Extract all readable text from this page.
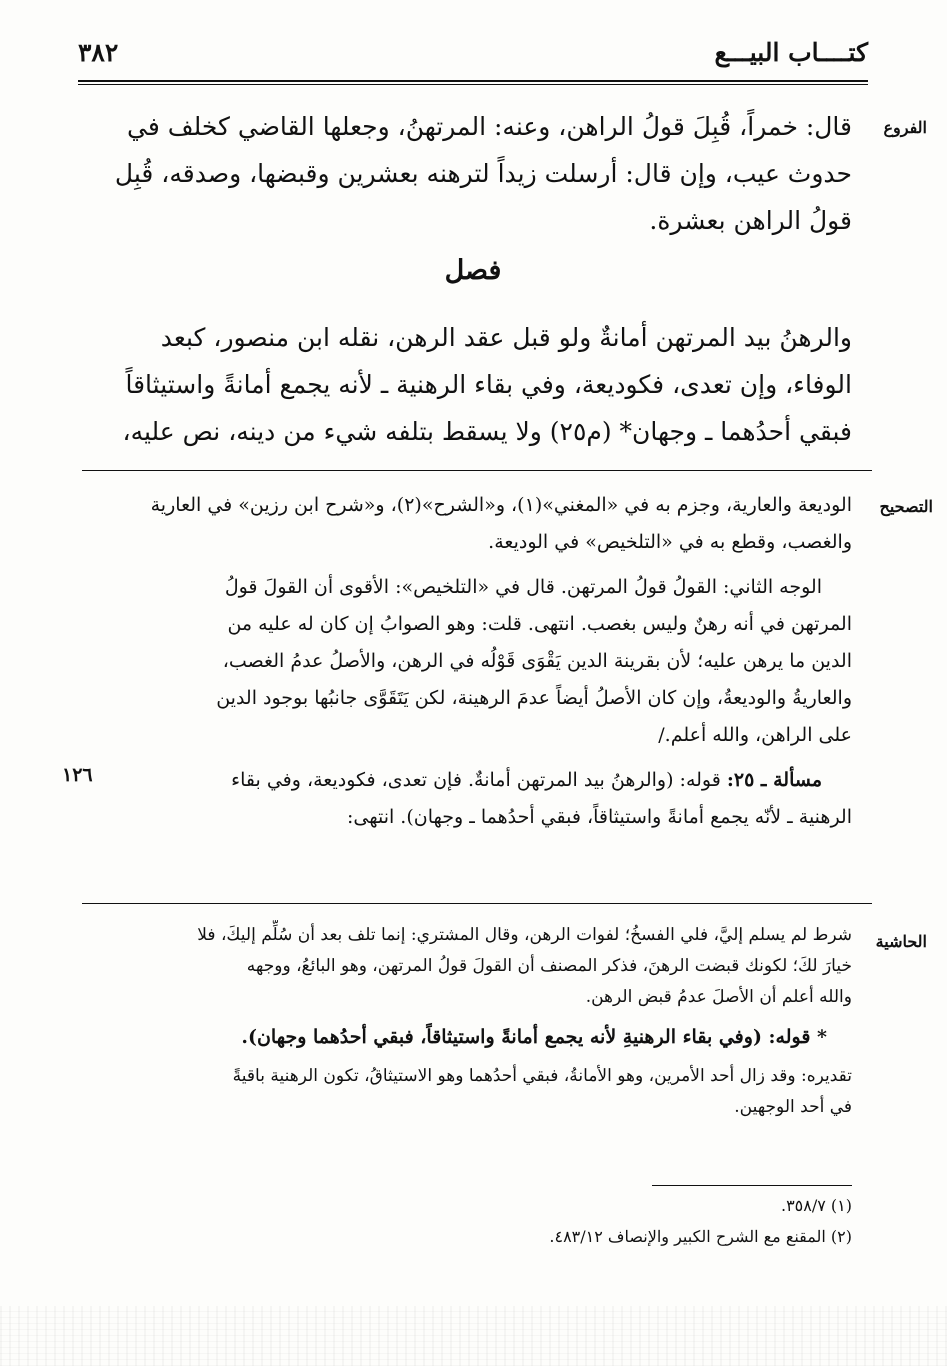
كتــــاب البيـــع
٣٨٢
الفروع
قال: خمراً، قُبِلَ قولُ الراهن، وعنه: المرتهنُ، وجعلها القاضي كخلف في
حدوث عيب، وإن قال: أرسلت زيداً لترهنه بعشرين وقبضها، وصدقه، قُبِل
قولُ الراهن بعشرة.
فصل
والرهنُ بيد المرتهن أمانةٌ ولو قبل عقد الرهن، نقله ابن منصور، كبعد
الوفاء، وإن تعدى، فكوديعة، وفي بقاء الرهنية ـ لأنه يجمع أمانةً واستيثاقاً
فبقي أحدُهما ـ وجهان* (م٢٥) ولا يسقط بتلفه شيء من دينه، نص عليه،
التصحيح
الوديعة والعارية، وجزم به في «المغني»(١)، و«الشرح»(٢)، و«شرح ابن رزين» في العارية
والغصب، وقطع به في «التلخيص» في الوديعة.
الوجه الثاني: القولُ قولُ المرتهن. قال في «التلخيص»: الأقوى أن القولَ قولُ
المرتهن في أنه رهنٌ وليس بغصب. انتهى. قلت: وهو الصوابُ إن كان له عليه من
الدين ما يرهن عليه؛ لأن بقرينة الدين يَقْوَى قَوْلُه في الرهن، والأصلُ عدمُ الغصب،
والعاريةُ والوديعةُ، وإن كان الأصلُ أيضاً عدمَ الرهينة، لكن يَتَقَوَّى جانبُها بوجود الدين
على الراهن، والله أعلم./
مسألة ـ ٢٥: قوله: (والرهنُ بيد المرتهن أمانةٌ. فإن تعدى، فكوديعة، وفي بقاء
الرهنية ـ لأنّه يجمع أمانةً واستيثاقاً، فبقي أحدُهما ـ وجهان). انتهى:
١٢٦
الحاشية
شرط لم يسلم إليَّ، فلي الفسخُ؛ لفوات الرهن، وقال المشتري: إنما تلف بعد أن سُلِّم إليكَ، فلا
خيارَ لكَ؛ لكونك قبضت الرهنَ، فذكر المصنف أن القولَ قولُ المرتهن، وهو البائعُ، ووجهه
والله أعلم أن الأصلَ عدمُ قبض الرهن.
* قوله: (وفي بقاء الرهنيةِ لأنه يجمع أمانةً واستيثاقاً، فبقي أحدُهما وجهان).
تقديره: وقد زال أحد الأمرين، وهو الأمانةُ، فبقي أحدُهما وهو الاستيثاقُ، تكون الرهنية باقيةً
في أحد الوجهين.
(١) ٣٥٨/٧.
(٢) المقنع مع الشرح الكبير والإنصاف ٤٨٣/١٢.
